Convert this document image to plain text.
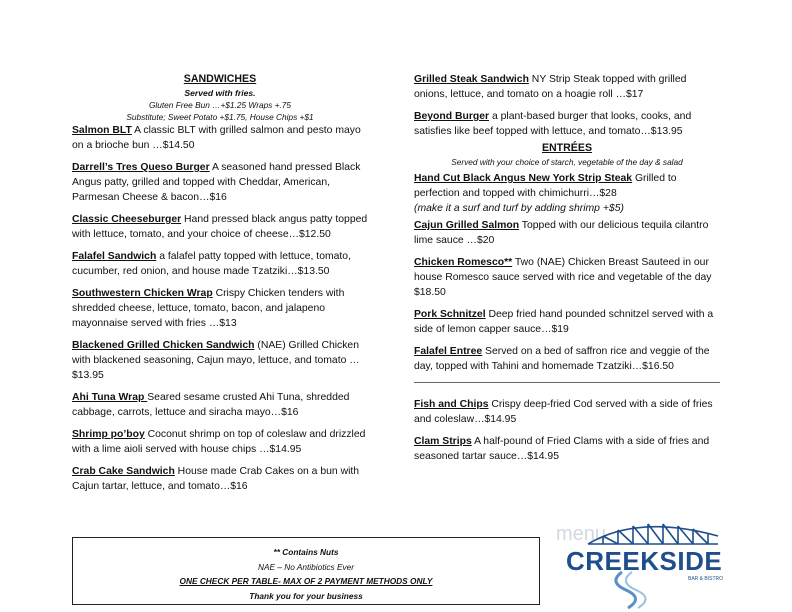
SANDWICHES
Served with fries.
Gluten Free Bun …+$1.25 Wraps +.75
Substitute; Sweet Potato +$1.75, House Chips +$1
Salmon BLT A classic BLT with grilled salmon and pesto mayo on a brioche bun …$14.50
Darrell’s Tres Queso Burger A seasoned hand pressed Black Angus patty, grilled and topped with Cheddar, American, Parmesan Cheese & bacon…$16
Classic Cheeseburger Hand pressed black angus patty topped with lettuce, tomato, and your choice of cheese…$12.50
Falafel Sandwich a falafel patty topped with lettuce, tomato, cucumber, red onion, and house made Tzatziki…$13.50
Southwestern Chicken Wrap Crispy Chicken tenders with shredded cheese, lettuce, tomato, bacon, and jalapeno mayonnaise served with fries …$13
Blackened Grilled Chicken Sandwich (NAE) Grilled Chicken with blackened seasoning, Cajun mayo, lettuce, and tomato …$13.95
Ahi Tuna Wrap Seared sesame crusted Ahi Tuna, shredded cabbage, carrots, lettuce and siracha mayo…$16
Shrimp po’boy Coconut shrimp on top of coleslaw and drizzled with a lime aioli served with house chips …$14.95
Crab Cake Sandwich House made Crab Cakes on a bun with Cajun tartar, lettuce, and tomato…$16
Grilled Steak Sandwich NY Strip Steak topped with grilled onions, lettuce, and tomato on a hoagie roll …$17
Beyond Burger a plant-based burger that looks, cooks, and satisfies like beef topped with lettuce, and tomato…$13.95
ENTRÉES
Served with your choice of starch, vegetable of the day & salad
Hand Cut Black Angus New York Strip Steak Grilled to perfection and topped with chimichurri…$28
(make it a surf and turf by adding shrimp +$5)
Cajun Grilled Salmon Topped with our delicious tequila cilantro lime sauce …$20
Chicken Romesco** Two (NAE) Chicken Breast Sauteed in our house Romesco sauce served with rice and vegetable of the day $18.50
Pork Schnitzel Deep fried hand pounded schnitzel served with a side of lemon capper sauce…$19
Falafel Entree Served on a bed of saffron rice and veggie of the day, topped with Tahini and homemade Tzatziki…$16.50
Fish and Chips Crispy deep-fried Cod served with a side of fries and coleslaw…$14.95
Clam Strips A half-pound of Fried Clams with a side of fries and seasoned tartar sauce…$14.95
** Contains Nuts
NAE – No Antibiotics Ever
ONE CHECK PER TABLE- MAX OF 2 PAYMENT METHODS ONLY
Thank you for your business
menu
CREEKSIDE
BAR & BISTRO
